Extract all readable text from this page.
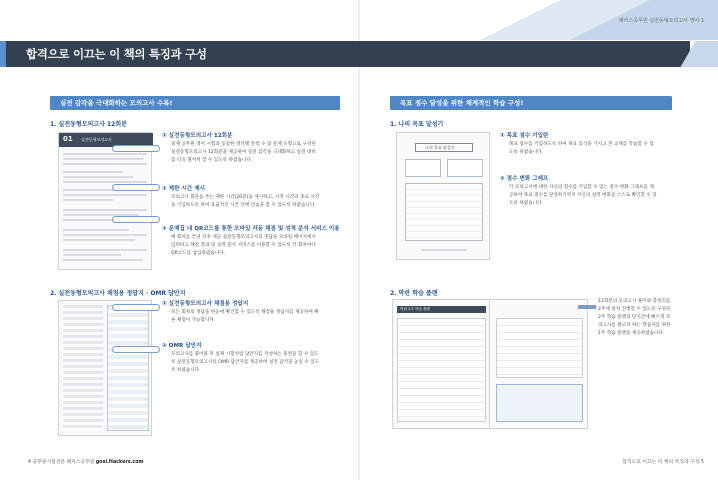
해커스공무원 실전동형모의고사 영어 1
합격으로 이끄는 이 책의 특징과 구성
실전 감각을 극대화하는 모의고사 수록!
1. 실전동형모의고사 12회분
01 실전동형모의고사
① 실전동형모의고사 12회분
실제 공무원 영어 시험과 동일한 영역별 문항 수 및 문제 유형으로 구성된 실전동형모의고사 12회분을 제공하여 실전 감각을 극대화하고 실전 대비를 더욱 철저히 할 수 있도록 하였습니다.
② 제한 시간 제시
모의고사 회분을 푸는 제한 시간(20분)을 제시하고, 시작 시각과 종료 시각을 기입하도록 하여 효율적인 시간 안배 연습을 할 수 있도록 하였습니다.
③ 문제집 내 QR코드를 통한 모바일 자동 채점 및 성적 분석 서비스 이용
매 회차를 끝낸 직후 제공 실전동형모의고사의 정답을 모바일 페이지에서 입력하고 채점 결과 및 성적 분석 서비스를 이용할 수 있도록 각 회차마다 QR코드를 삽입하였습니다.
2. 실전동형모의고사 채점용 정답지 · OMR 답안지
① 실전동형모의고사 채점용 정답지
모든 회차의 정답을 한눈에 확인할 수 있도록 채점용 정답지를 제공하여 빠른 채점이 가능합니다.
② OMR 답안지
모의고사를 풀어볼 후 실제 시험처럼 답안지를 작성하는 훈련을 할 수 있도록 실전동형모의고사의 OMR 답안지를 제공하여 실전 감각을 높일 수 있도록 하였습니다.
4 공무원시험전문 해커스공무원 gosi.Hackers.com
목표 점수 달성을 위한 체계적인 학습 구성!
1. 나의 목표 달성기
나의 목표 달성기
① 목표 점수 기입란
목표 점수를 기입하도록 하여 목표 의식을 가지고 본 교재를 학습할 수 있도록 하였습니다.
② 점수 변화 그래프
각 모의고사에 대한 자신의 점수를 기입할 수 있는 점수 변화 그래프를 제공하여 목표 점수를 달성하기까지 자신의 실력 변화를 스스로 확인할 수 있도록 하였습니다.
2. 막판 학습 플랜
막판 2주 학습 플랜
12회분의 모의고사 풀이와 총정리를 2주에 걸쳐 진행할 수 있도록 구성된 2주 학습 플랜과 단기간에 빠르게 모의고사를 풀고자 하는 학습자를 위한 1주 학습 플랜을 제공하였습니다.
합격으로 이끄는 이 책의 특징과 구성 5
